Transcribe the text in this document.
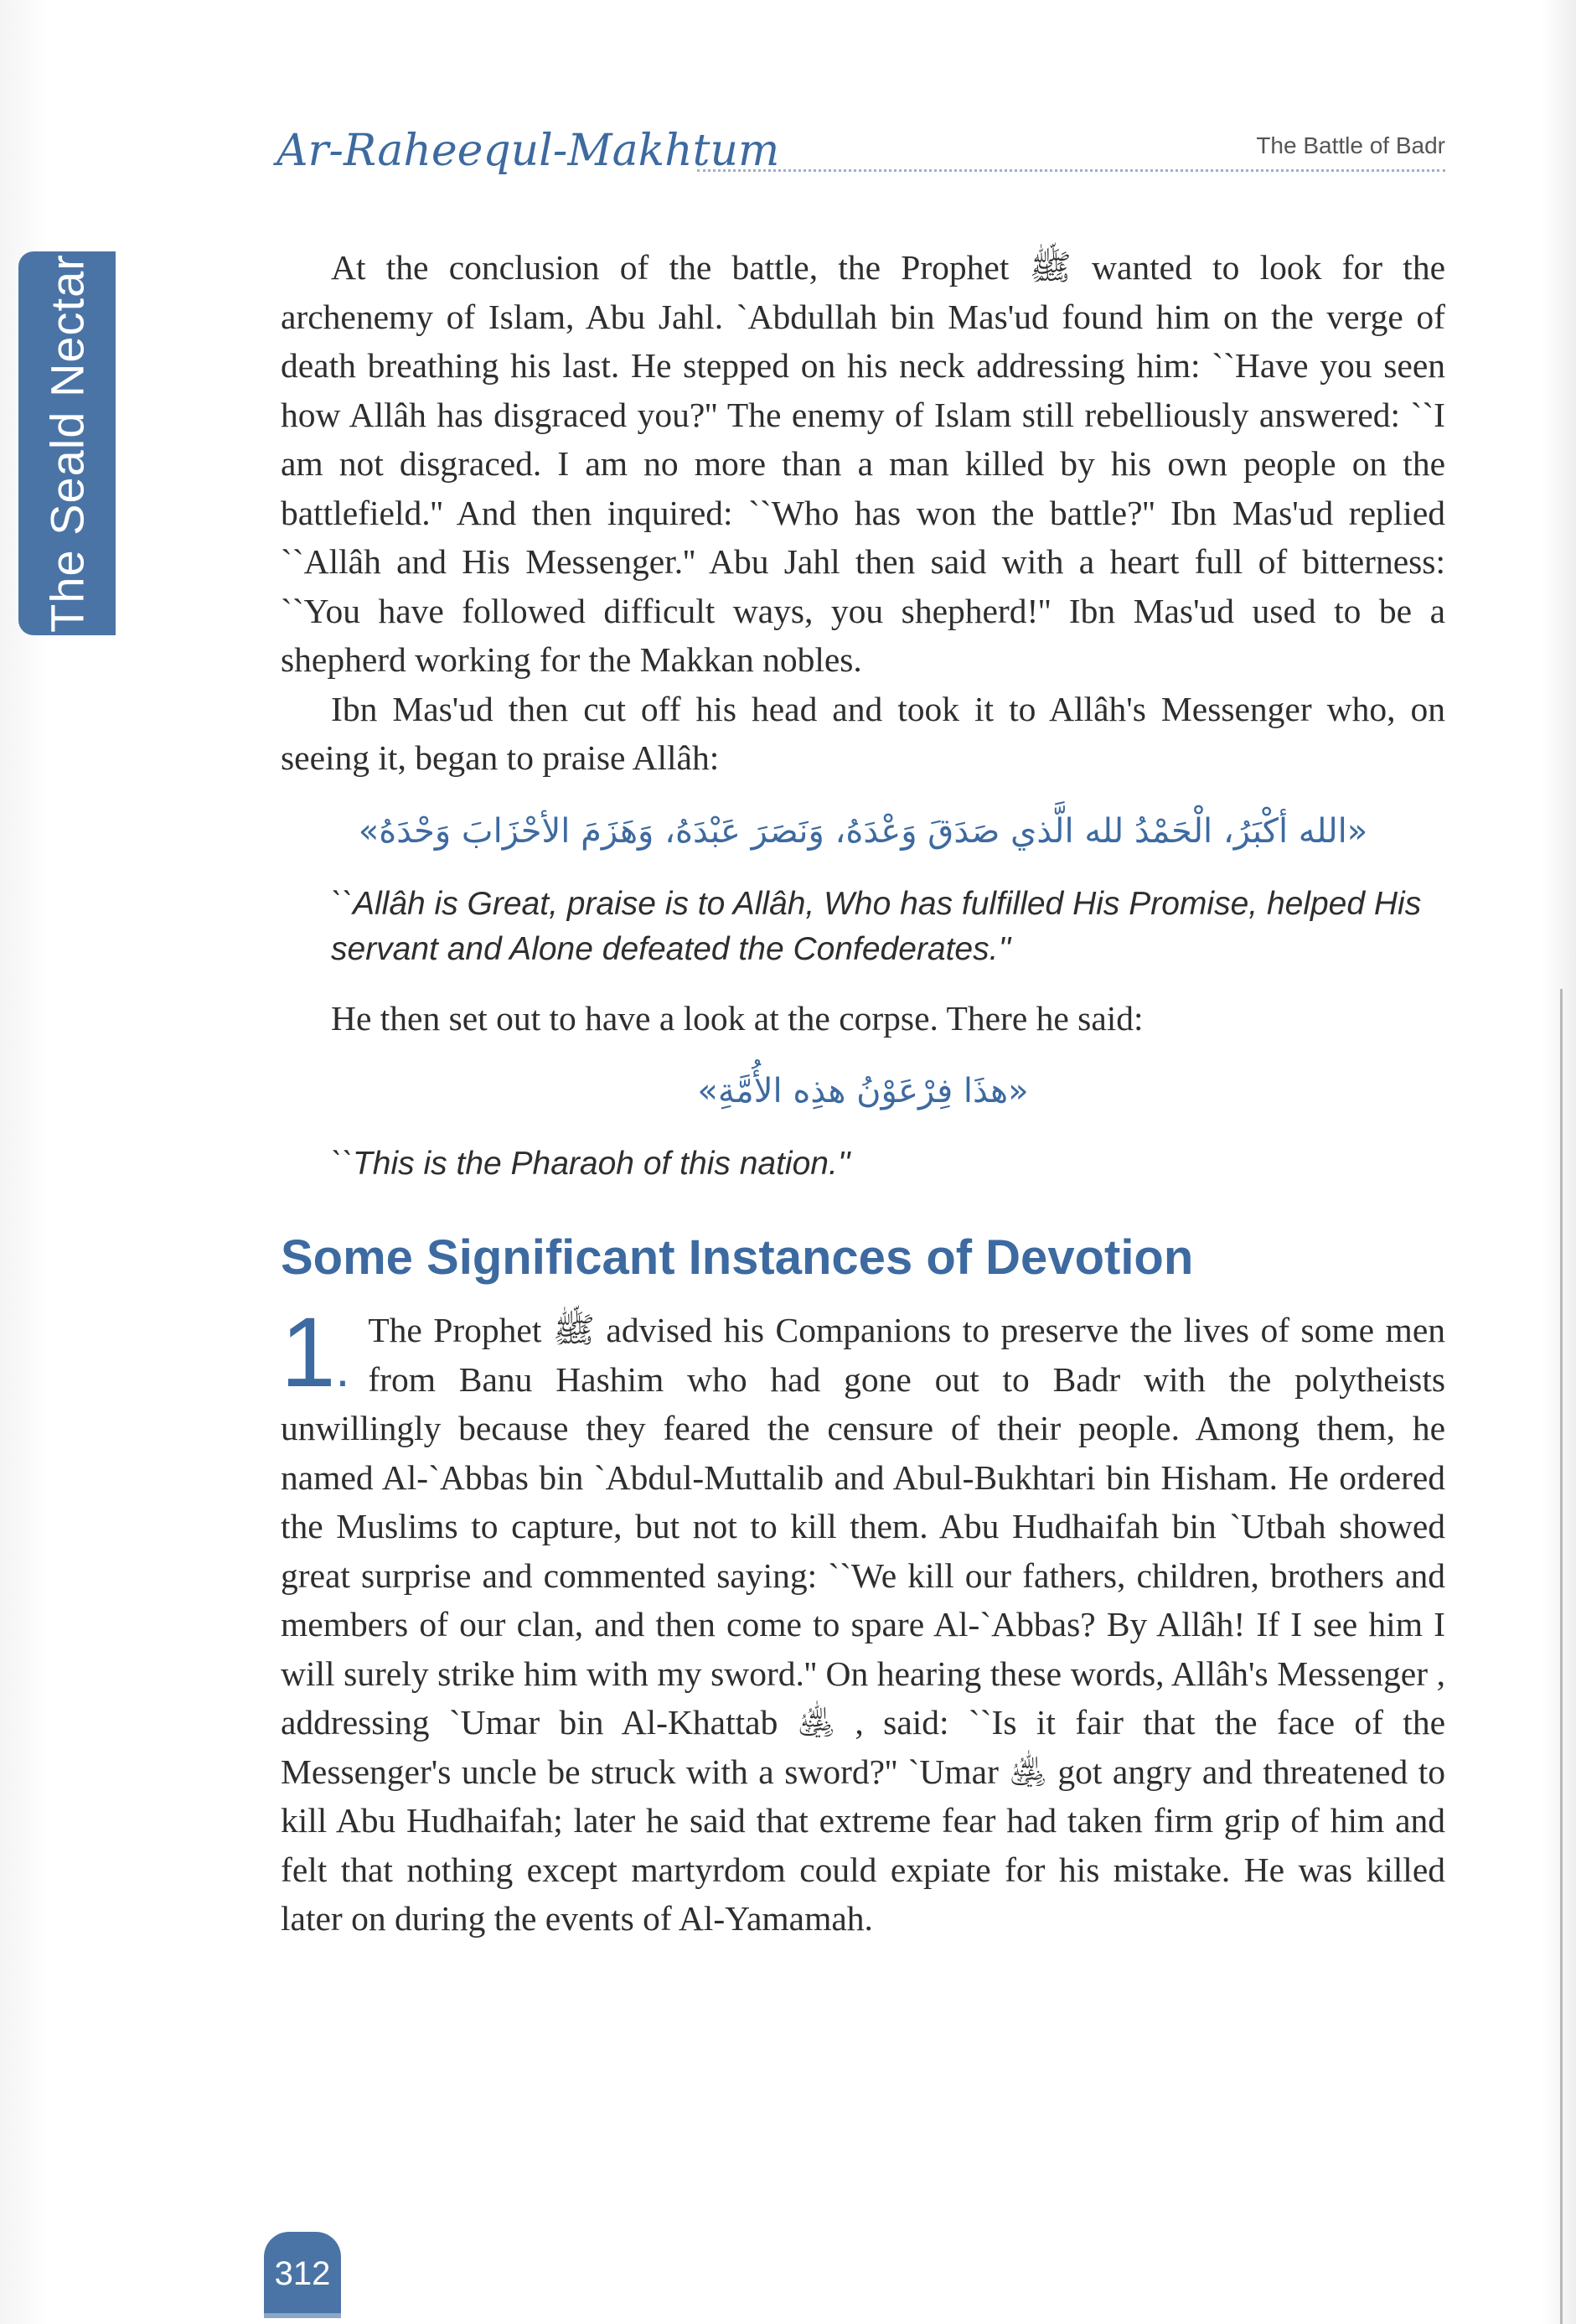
The Seald Nectar
Ar-Raheequl-Makhtum	The Battle of Badr

At the conclusion of the battle, the Prophet ﷺ wanted to look for the archenemy of Islam, Abu Jahl. `Abdullah bin Mas'ud found him on the verge of death breathing his last. He stepped on his neck addressing him: ``Have you seen how Allâh has disgraced you?'' The enemy of Islam still rebelliously answered: ``I am not disgraced. I am no more than a man killed by his own people on the battlefield.'' And then inquired: ``Who has won the battle?'' Ibn Mas'ud replied ``Allâh and His Messenger.'' Abu Jahl then said with a heart full of bitterness: ``You have followed difficult ways, you shepherd!'' Ibn Mas'ud used to be a shepherd working for the Makkan nobles.

Ibn Mas'ud then cut off his head and took it to Allâh's Messenger who, on seeing it, began to praise Allâh:

«الله أكْبَرُ، الْحَمْدُ لله الَّذي صَدَقَ وَعْدَهُ، وَنَصَرَ عَبْدَهُ، وَهَزَمَ الأحْزَابَ وَحْدَهُ»
``Allâh is Great, praise is to Allâh, Who has fulfilled His Promise, helped His servant and Alone defeated the Confederates.''

He then set out to have a look at the corpse. There he said:

«هذَا فِرْعَوْنُ هذِه الأُمَّةِ»
``This is the Pharaoh of this nation.''
Some Significant Instances of Devotion
1.
The Prophet ﷺ advised his Companions to preserve the lives of some men from Banu Hashim who had gone out to Badr with the polytheists unwillingly because they feared the censure of their people. Among them, he named Al-`Abbas bin `Abdul-Muttalib and Abul-Bukhtari bin Hisham. He ordered the Muslims to capture, but not to kill them. Abu Hudhaifah bin `Utbah showed great surprise and commented saying: ``We kill our fathers, children, brothers and members of our clan, and then come to spare Al-`Abbas? By Allâh! If I see him I will surely strike him with my sword.'' On hearing these words, Allâh's Messenger , addressing `Umar bin Al-Khattab ﵁ , said: ``Is it fair that the face of the Messenger's uncle be struck with a sword?'' `Umar ﵁ got angry and threatened to kill Abu Hudhaifah; later he said that extreme fear had taken firm grip of him and felt that nothing except martyrdom could expiate for his mistake. He was killed later on during the events of Al-Yamamah.
312
